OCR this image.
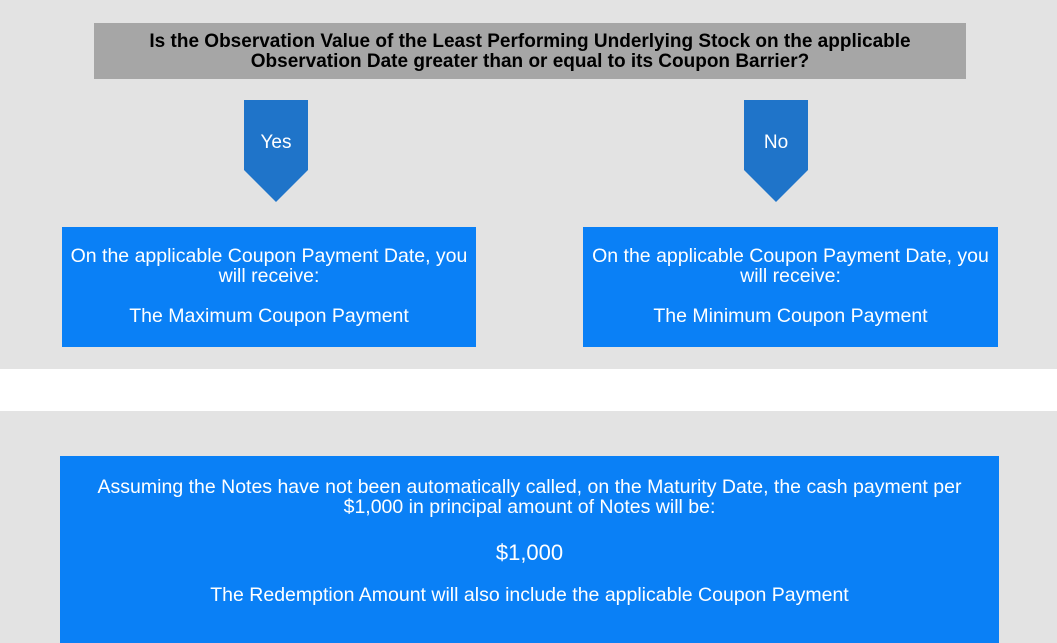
Is the Observation Value of the Least Performing Underlying Stock on the applicable
Observation Date greater than or equal to its Coupon Barrier?
Yes	No
On the applicable Coupon Payment Date, you
will receive:
The Maximum Coupon Payment
On the applicable Coupon Payment Date, you
will receive:
The Minimum Coupon Payment
Assuming the Notes have not been automatically called, on the Maturity Date, the cash payment per
$1,000 in principal amount of Notes will be:
$1,000
The Redemption Amount will also include the applicable Coupon Payment
